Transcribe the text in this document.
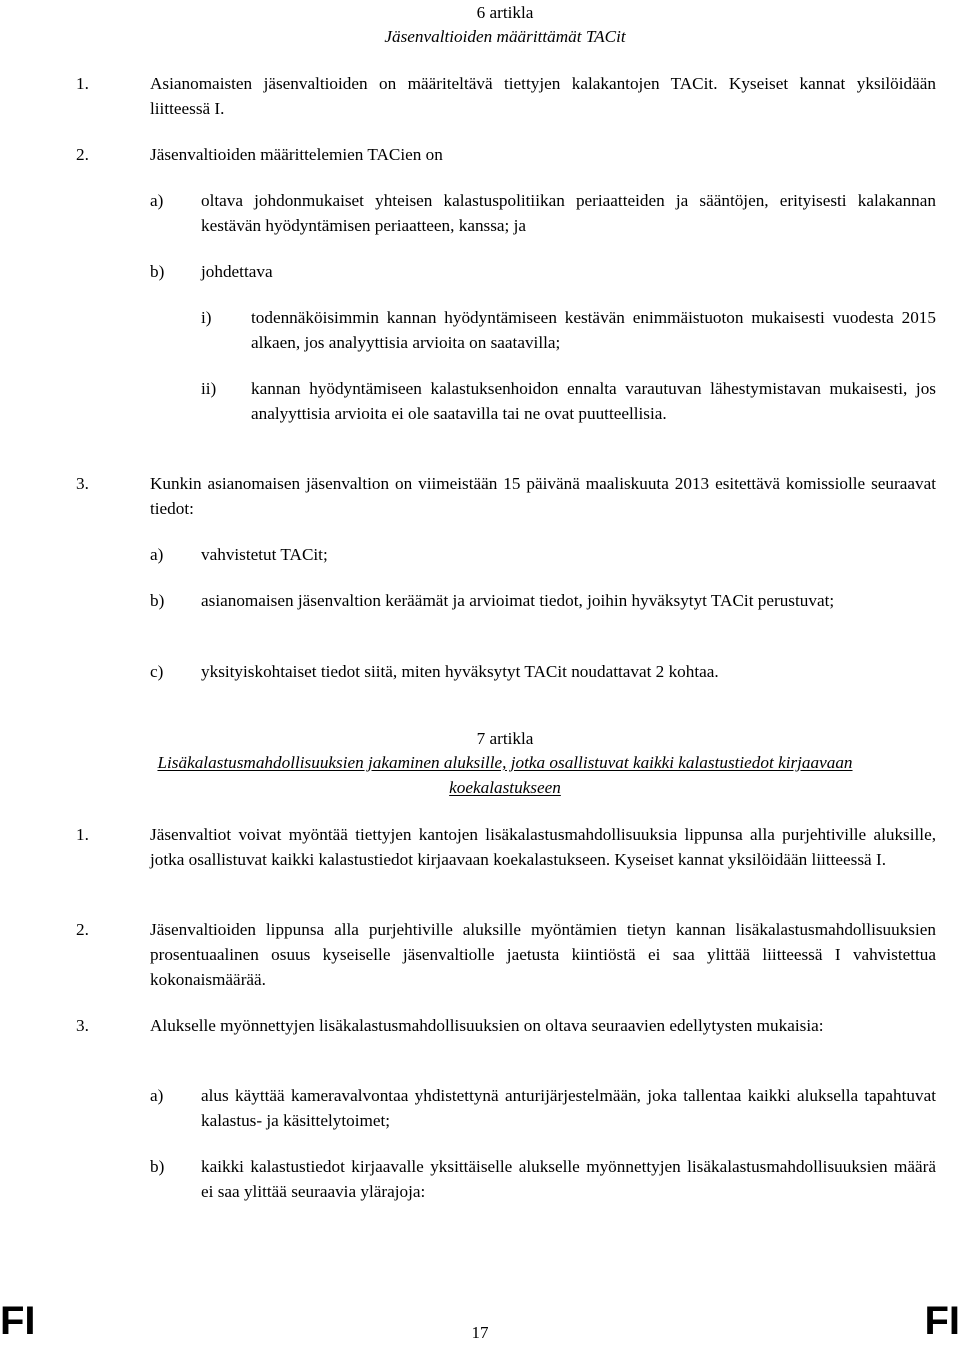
6 artikla
Jäsenvaltioiden määrittämät TACit
1.	Asianomaisten jäsenvaltioiden on määriteltävä tiettyjen kalakantojen TACit. Kyseiset kannat yksilöidään liitteessä I.

2.	Jäsenvaltioiden määrittelemien TACien on

a) oltava johdonmukaiset yhteisen kalastuspolitiikan periaatteiden ja sääntöjen, erityisesti kalakannan kestävän hyödyntämisen periaatteen, kanssa; ja

b) johdettava

i) todennäköisimmin kannan hyödyntämiseen kestävän enimmäistuoton mukaisesti vuodesta 2015 alkaen, jos analyyttisia arvioita on saatavilla;

ii) kannan hyödyntämiseen kalastuksenhoidon ennalta varautuvan lähestymistavan mukaisesti, jos analyyttisia arvioita ei ole saatavilla tai ne ovat puutteellisia.

3.	Kunkin asianomaisen jäsenvaltion on viimeistään 15 päivänä maaliskuuta 2013 esitettävä komissiolle seuraavat tiedot:

a) vahvistetut TACit;

b) asianomaisen jäsenvaltion keräämät ja arvioimat tiedot, joihin hyväksytyt TACit perustuvat;

c) yksityiskohtaiset tiedot siitä, miten hyväksytyt TACit noudattavat 2 kohtaa.

7 artikla
Lisäkalastusmahdollisuuksien jakaminen aluksille, jotka osallistuvat kaikki kalastustiedot kirjaavaan koekalastukseen
1.	Jäsenvaltiot voivat myöntää tiettyjen kantojen lisäkalastusmahdollisuuksia lippunsa alla purjehtiville aluksille, jotka osallistuvat kaikki kalastustiedot kirjaavaan koekalastukseen. Kyseiset kannat yksilöidään liitteessä I.

2.	Jäsenvaltioiden lippunsa alla purjehtiville aluksille myöntämien tietyn kannan lisäkalastusmahdollisuuksien prosentuaalinen osuus kyseiselle jäsenvaltiolle jaetusta kiintiöstä ei saa ylittää liitteessä I vahvistettua kokonaismäärää.

3.	Alukselle myönnettyjen lisäkalastusmahdollisuuksien on oltava seuraavien edellytysten mukaisia:

a) alus käyttää kameravalvontaa yhdistettynä anturijärjestelmään, joka tallentaa kaikki aluksella tapahtuvat kalastus- ja käsittelytoimet;

b) kaikki kalastustiedot kirjaavalle yksittäiselle alukselle myönnettyjen lisäkalastusmahdollisuuksien määrä ei saa ylittää seuraavia ylärajoja:

FI	17	FI
